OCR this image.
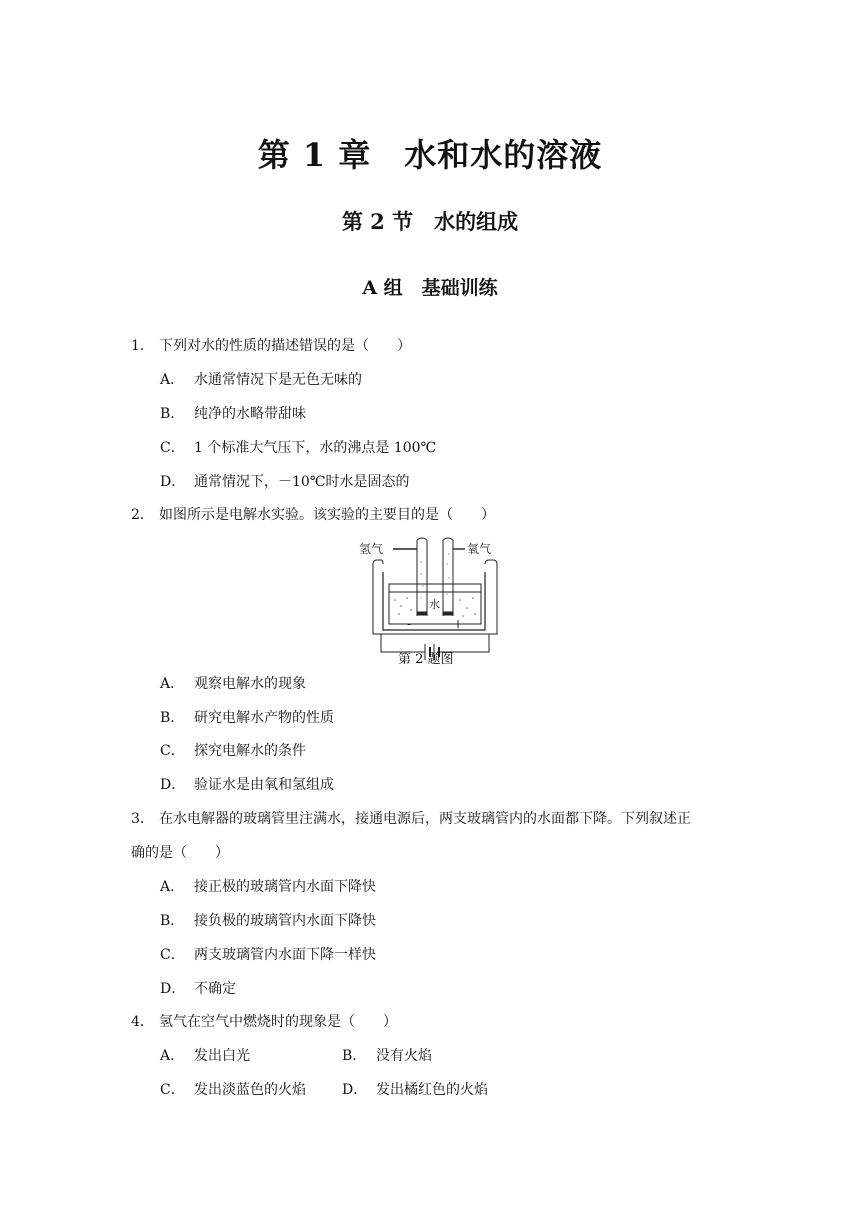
第 1 章　水和水的溶液
第 2 节　水的组成
A 组　基础训练
1． 下列对水的性质的描述错误的是（　　）
A． 水通常情况下是无色无味的
B． 纯净的水略带甜味
C． 1 个标准大气压下，水的沸点是 100℃
D． 通常情况下，－10℃时水是固态的
2． 如图所示是电解水实验。该实验的主要目的是（　　）
氢气	氧气
水
-	+
第 2 题图
A． 观察电解水的现象
B． 研究电解水产物的性质
C． 探究电解水的条件
D． 验证水是由氧和氢组成
3． 在水电解器的玻璃管里注满水，接通电源后，两支玻璃管内的水面都下降。下列叙述正
确的是（　　）
A． 接正极的玻璃管内水面下降快
B． 接负极的玻璃管内水面下降快
C． 两支玻璃管内水面下降一样快
D． 不确定
4． 氢气在空气中燃烧时的现象是（　　）
A． 发出白光	B． 没有火焰
C． 发出淡蓝色的火焰	D． 发出橘红色的火焰
